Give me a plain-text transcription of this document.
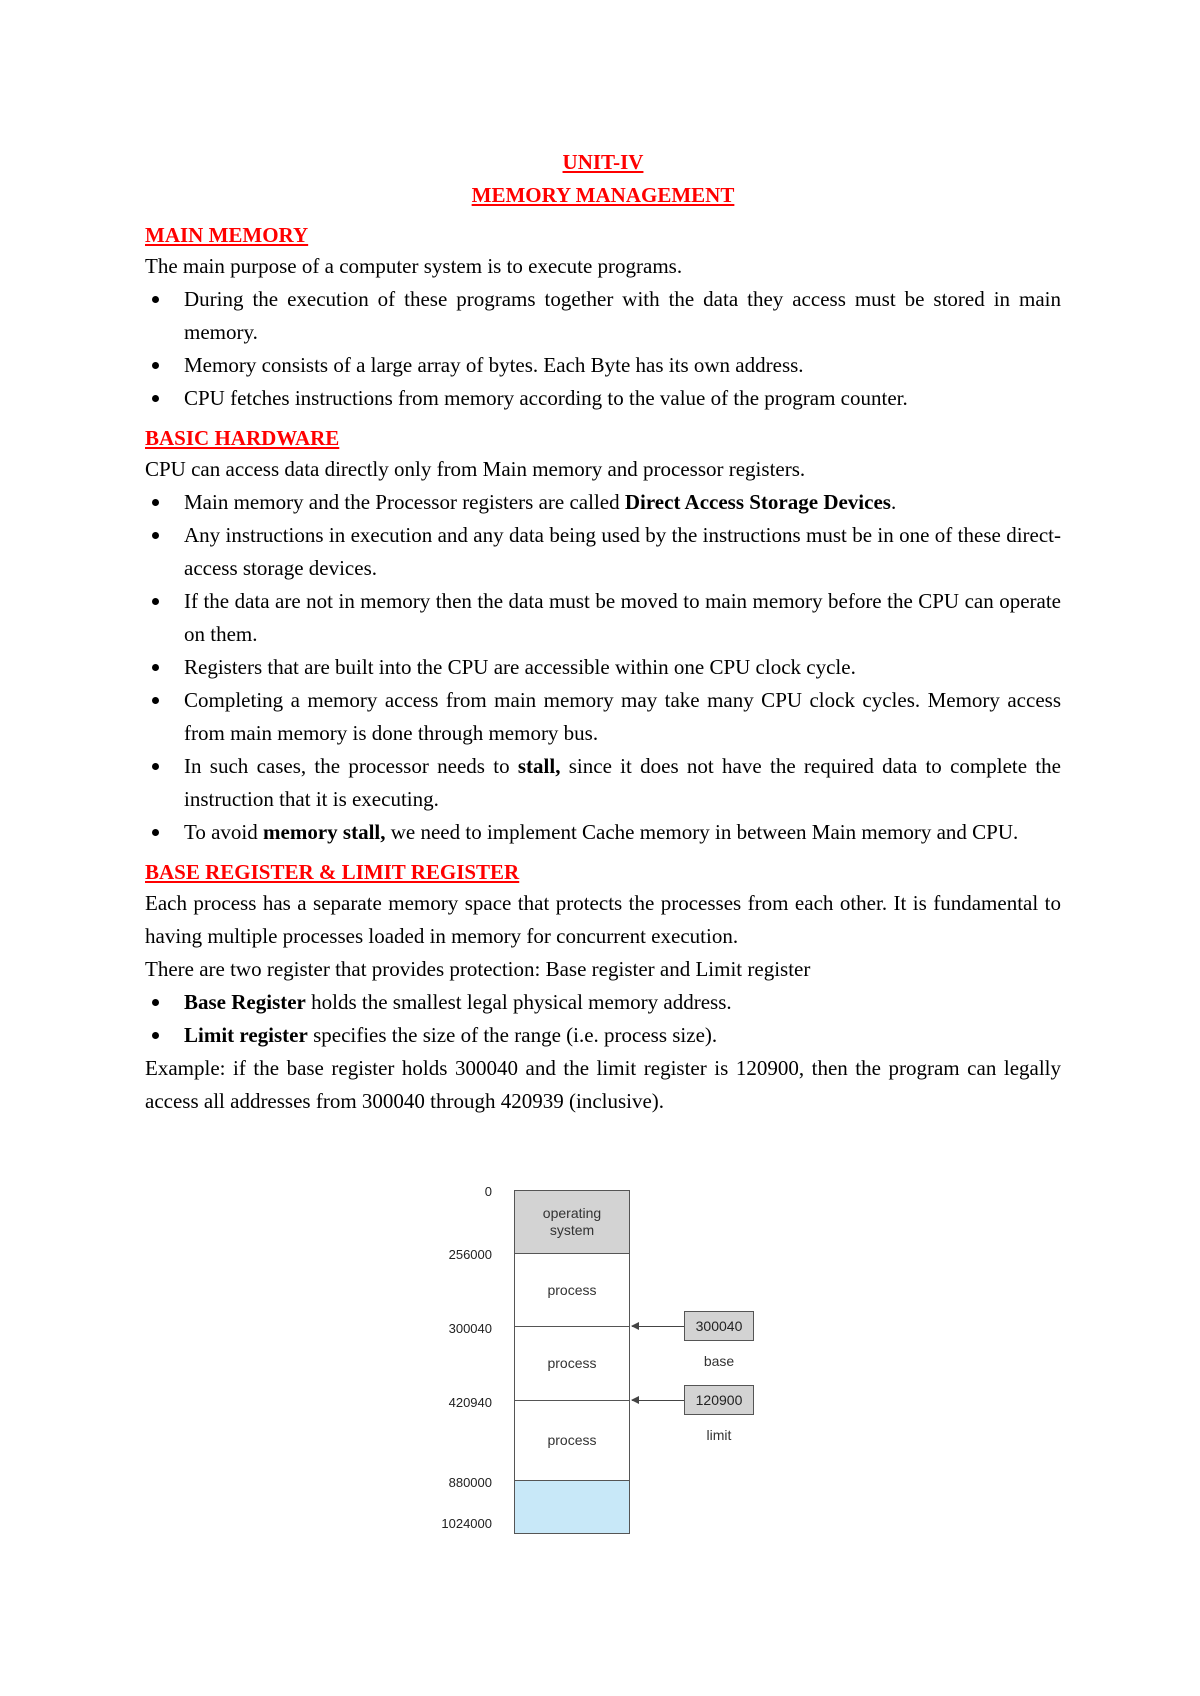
UNIT-IV
MEMORY MANAGEMENT
MAIN MEMORY

The main purpose of a computer system is to execute programs.

During the execution of these programs together with the data they access must be stored in main memory.
Memory consists of a large array of bytes. Each Byte has its own address.
CPU fetches instructions from memory according to the value of the program counter.
BASIC HARDWARE

CPU can access data directly only from Main memory and processor registers.

Main memory and the Processor registers are called Direct Access Storage Devices.
Any instructions in execution and any data being used by the instructions must be in one of these direct-access storage devices.
If the data are not in memory then the data must be moved to main memory before the CPU can operate on them.
Registers that are built into the CPU are accessible within one CPU clock cycle.
Completing a memory access from main memory may take many CPU clock cycles. Memory access from main memory is done through memory bus.
In such cases, the processor needs to stall, since it does not have the required data to complete the instruction that it is executing.
To avoid memory stall, we need to implement Cache memory in between Main memory and CPU.
BASE REGISTER & LIMIT REGISTER

Each process has a separate memory space that protects the processes from each other. It is fundamental to having multiple processes loaded in memory for concurrent execution.

There are two register that provides protection: Base register and Limit register

Base Register holds the smallest legal physical memory address.
Limit register specifies the size of the range (i.e. process size).

Example: if the base register holds 300040 and the limit register is 120900, then the program can legally access all addresses from 300040 through 420939 (inclusive).

0
256000
300040
420940
880000
1024000
operating system
process
process
process
300040
base
120900
limit
